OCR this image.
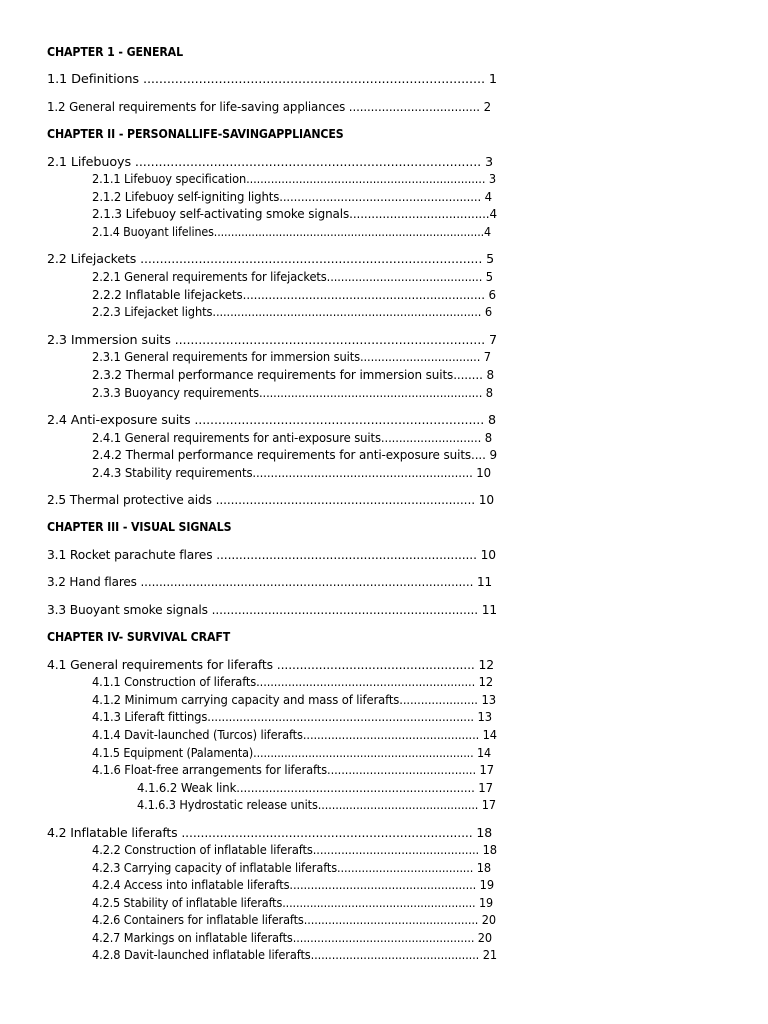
CHAPTER 1 - GENERAL
1.1 Definitions ...................................................................................... 1
1.2 General requirements for life-saving appliances .................................... 2
CHAPTER II - PERSONALLIFE-SAVINGAPPLIANCES
2.1 Lifebuoys ........................................................................................ 3
2.1.1 Lifebuoy specification.................................................................... 3
2.1.2 Lifebuoy self-igniting lights........................................................ 4
2.1.3 Lifebuoy self-activating smoke signals......................................4
2.1.4 Buoyant lifelines...............................................................................4
2.2 Lifejackets ........................................................................................ 5
2.2.1 General requirements for lifejackets............................................ 5
2.2.2 Inflatable lifejackets.................................................................. 6
2.2.3 Lifejacket lights............................................................................ 6
2.3 Immersion suits ............................................................................... 7
2.3.1 General requirements for immersion suits.................................. 7
2.3.2 Thermal performance requirements for immersion suits........ 8
2.3.3 Buoyancy requirements............................................................... 8
2.4 Anti-exposure suits .......................................................................... 8
2.4.1 General requirements for anti-exposure suits............................ 8
2.4.2 Thermal performance requirements for anti-exposure suits.... 9
2.4.3 Stability requirements............................................................. 10
2.5 Thermal protective aids ..................................................................... 10
CHAPTER III - VISUAL SIGNALS
3.1 Rocket parachute flares ..................................................................... 10
3.2 Hand flares .......................................................................................... 11
3.3 Buoyant smoke signals ....................................................................... 11
CHAPTER IV- SURVIVAL CRAFT
4.1 General requirements for liferafts .................................................... 12
4.1.1 Construction of liferafts.............................................................. 12
4.1.2 Minimum carrying capacity and mass of liferafts...................... 13
4.1.3 Liferaft fittings........................................................................... 13
4.1.4 Davit-launched (Turcos) liferafts.................................................. 14
4.1.5 Equipment (Palamenta)................................................................ 14
4.1.6 Float-free arrangements for liferafts.......................................... 17
4.1.6.2 Weak link.................................................................. 17
4.1.6.3 Hydrostatic release units.............................................. 17
4.2 Inflatable liferafts ............................................................................ 18
4.2.2 Construction of inflatable liferafts............................................... 18
4.2.3 Carrying capacity of inflatable liferafts....................................... 18
4.2.4 Access into inflatable liferafts..................................................... 19
4.2.5 Stability of inflatable liferafts........................................................ 19
4.2.6 Containers for inflatable liferafts.................................................. 20
4.2.7 Markings on inflatable liferafts.................................................... 20
4.2.8 Davit-launched inflatable liferafts................................................ 21
